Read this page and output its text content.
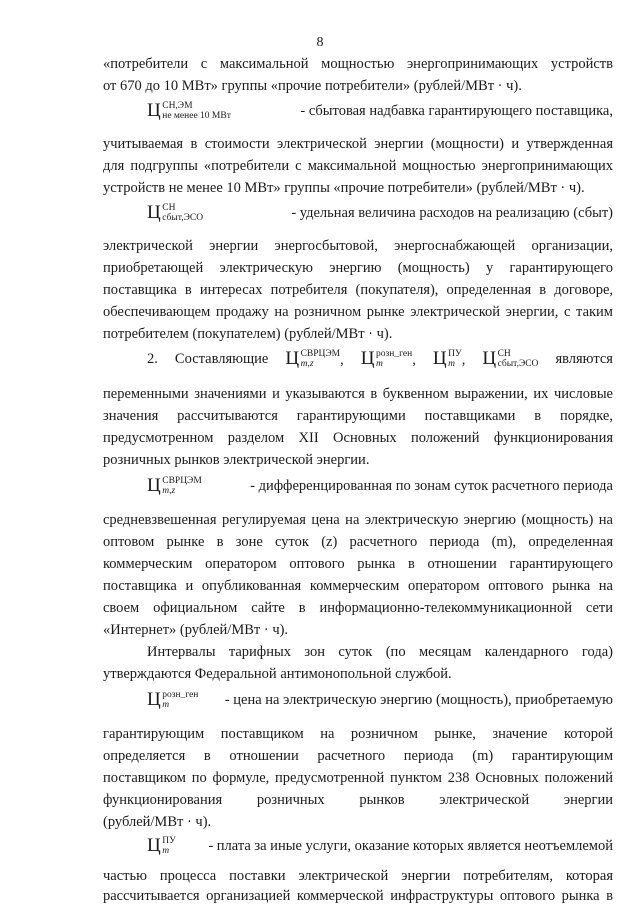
8
«потребители с максимальной мощностью энергопринимающих устройств
от 670 до 10 МВт» группы «прочие потребители» (рублей/МВт · ч).
Ц СН,ЭМ
не менее 10 МВт	- сбытовая надбавка гарантирующего поставщика,
учитываемая в стоимости электрической энергии (мощности) и утвержденная
для подгруппы «потребители с максимальной мощностью энергопринимающих
устройств не менее 10 МВт» группы «прочие потребители» (рублей/МВт · ч).
Ц СН
сбыт,ЭСО	- удельная величина расходов на реализацию (сбыт)
электрической энергии энергосбытовой, энергоснабжающей организации,
приобретающей электрическую энергию (мощность) у гарантирующего
поставщика в интересах потребителя (покупателя), определенная в договоре,
обеспечивающем продажу на розничном рынке электрической энергии, с таким
потребителем (покупателем) (рублей/МВт · ч).
2. Составляющие Ц СВРЦЭМ
m,z	, Ц розн_ген
m	, Ц ПУ
m , Ц СН
сбыт,ЭСО являются
переменными значениями и указываются в буквенном выражении, их числовые
значения рассчитываются гарантирующими поставщиками в порядке,
предусмотренном разделом XII Основных положений функционирования
розничных рынков электрической энергии.
Ц СВРЦЭМ
m,z	- дифференцированная по зонам суток расчетного периода
средневзвешенная регулируемая цена на электрическую энергию (мощность) на
оптовом рынке в зоне суток (z) расчетного периода (m), определенная
коммерческим оператором оптового рынка в отношении гарантирующего
поставщика и опубликованная коммерческим оператором оптового рынка на
своем официальном сайте в информационно-телекоммуникационной сети
«Интернет» (рублей/МВт · ч).
Интервалы тарифных зон суток (по месяцам календарного года)
утверждаются Федеральной антимонопольной службой.
Ц розн_ген
m	- цена на электрическую энергию (мощность), приобретаемую
гарантирующим поставщиком на розничном рынке, значение которой
определяется в отношении расчетного периода (m) гарантирующим
поставщиком по формуле, предусмотренной пунктом 238 Основных положений
функционирования розничных рынков электрической энергии
(рублей/МВт · ч).
Ц ПУ
m	- плата за иные услуги, оказание которых является неотъемлемой
частью процесса поставки электрической энергии потребителям, которая
рассчитывается организацией коммерческой инфраструктуры оптового рынка в
